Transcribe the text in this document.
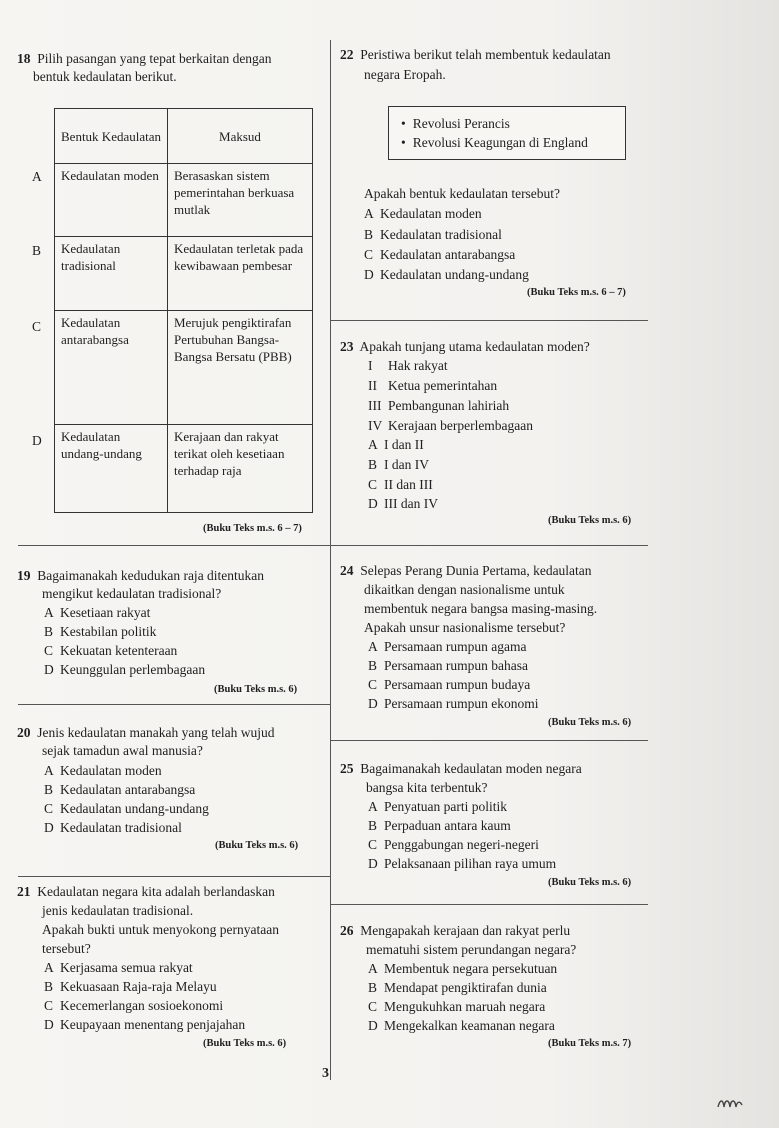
18 Pilih pasangan yang tepat berkaitan dengan
bentuk kedaulatan berikut.
Bentuk Kedaulatan	Maksud
Kedaulatan moden	Berasaskan sistem pemerintahan berkuasa mutlak
Kedaulatan tradisional	Kedaulatan terletak pada kewibawaan pembesar
Kedaulatan antarabangsa	Merujuk pengiktirafan Pertubuhan Bangsa-Bangsa Bersatu (PBB)
Kedaulatan undang-undang	Kerajaan dan rakyat terikat oleh kesetiaan terhadap raja
A
B
C
D
(Buku Teks m.s. 6 – 7)
19 Bagaimanakah kedudukan raja ditentukan
mengikut kedaulatan tradisional?
A Kesetiaan rakyat
B Kestabilan politik
C Kekuatan ketenteraan
D Keunggulan perlembagaan
(Buku Teks m.s. 6)
20 Jenis kedaulatan manakah yang telah wujud
sejak tamadun awal manusia?
A Kedaulatan moden
B Kedaulatan antarabangsa
C Kedaulatan undang-undang
D Kedaulatan tradisional
(Buku Teks m.s. 6)
21 Kedaulatan negara kita adalah berlandaskan
jenis kedaulatan tradisional.
Apakah bukti untuk menyokong pernyataan
tersebut?
A Kerjasama semua rakyat
B Kekuasaan Raja-raja Melayu
C Kecemerlangan sosioekonomi
D Keupayaan menentang penjajahan
(Buku Teks m.s. 6)
22 Peristiwa berikut telah membentuk kedaulatan
negara Eropah.
• Revolusi Perancis
• Revolusi Keagungan di England
Apakah bentuk kedaulatan tersebut?
A Kedaulatan moden
B Kedaulatan tradisional
C Kedaulatan antarabangsa
D Kedaulatan undang-undang
(Buku Teks m.s. 6 – 7)
23 Apakah tunjang utama kedaulatan moden?
I Hak rakyat
II Ketua pemerintahan
III Pembangunan lahiriah
IV Kerajaan berperlembagaan
A I dan II
B I dan IV
C II dan III
D III dan IV
(Buku Teks m.s. 6)
24 Selepas Perang Dunia Pertama, kedaulatan
dikaitkan dengan nasionalisme untuk
membentuk negara bangsa masing-masing.
Apakah unsur nasionalisme tersebut?
A Persamaan rumpun agama
B Persamaan rumpun bahasa
C Persamaan rumpun budaya
D Persamaan rumpun ekonomi
(Buku Teks m.s. 6)
25 Bagaimanakah kedaulatan moden negara
bangsa kita terbentuk?
A Penyatuan parti politik
B Perpaduan antara kaum
C Penggabungan negeri-negeri
D Pelaksanaan pilihan raya umum
(Buku Teks m.s. 6)
26 Mengapakah kerajaan dan rakyat perlu
mematuhi sistem perundangan negara?
A Membentuk negara persekutuan
B Mendapat pengiktirafan dunia
C Mengukuhkan maruah negara
D Mengekalkan keamanan negara
(Buku Teks m.s. 7)
3
